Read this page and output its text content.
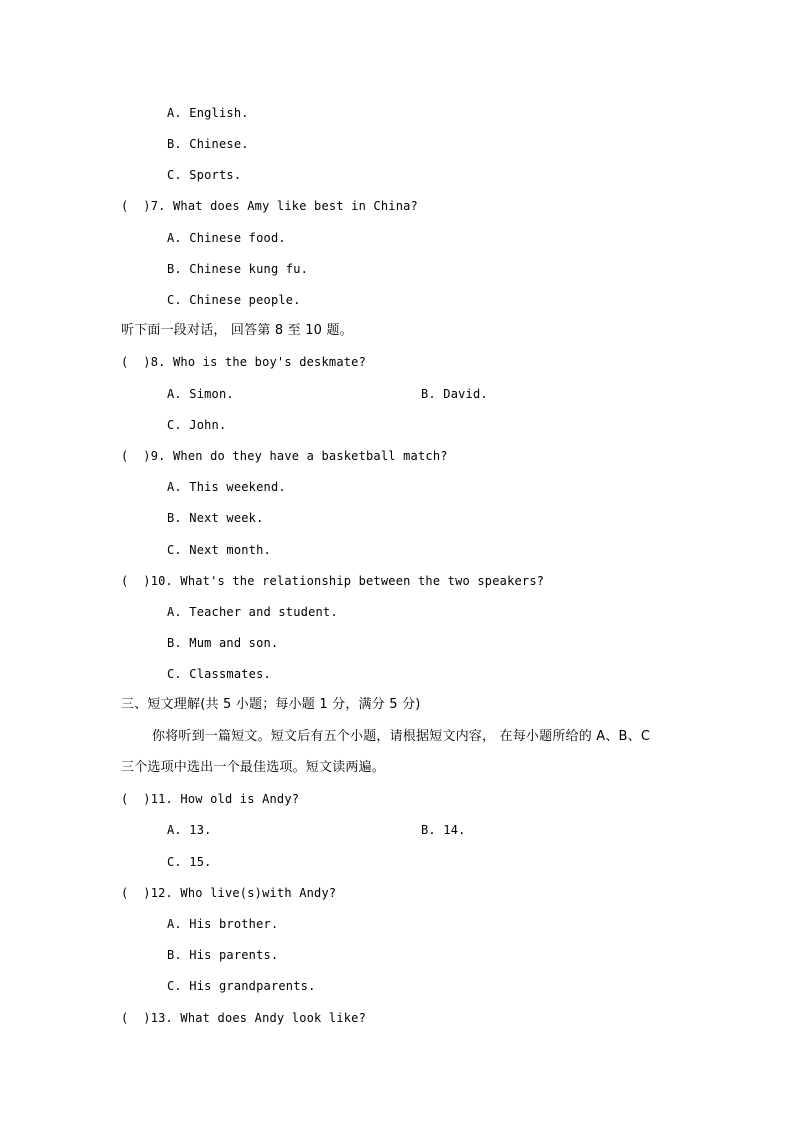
A. English.
B. Chinese.
C. Sports.
(  )7. What does Amy like best in China?
A. Chinese food.
B. Chinese kung fu.
C. Chinese people.
听下面一段对话， 回答第 8 至 10 题。
(  )8. Who is the boy's deskmate?
A. Simon.	B. David.
C. John.
(  )9. When do they have a basketball match?
A. This weekend.
B. Next week.
C. Next month.
(  )10. What's the relationship between the two speakers?
A. Teacher and student.
B. Mum and son.
C. Classmates.
三、短文理解(共 5 小题；每小题 1 分，满分 5 分)
你将听到一篇短文。短文后有五个小题，请根据短文内容， 在每小题所给的 A、B、C
三个选项中选出一个最佳选项。短文读两遍。
(  )11. How old is Andy?
A. 13.	B. 14.
C. 15.
(  )12. Who live(s)with Andy?
A. His brother.
B. His parents.
C. His grandparents.
(  )13. What does Andy look like?
